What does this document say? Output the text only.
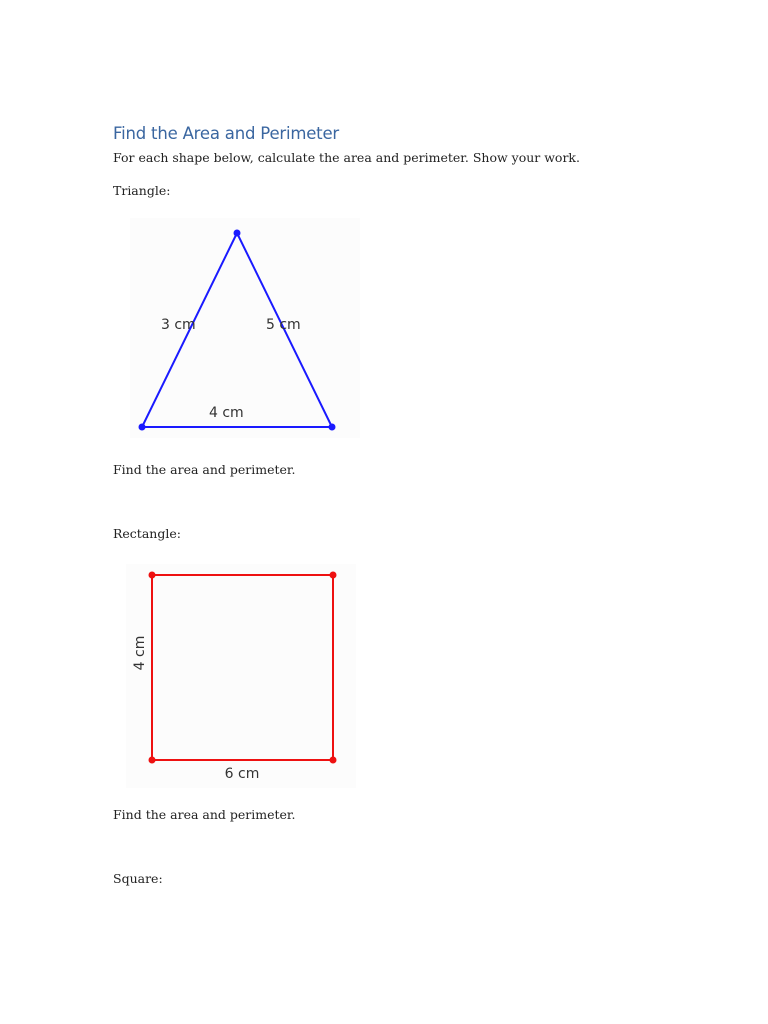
Find the Area and Perimeter
For each shape below, calculate the area and perimeter. Show your work.
Triangle:
3 cm	5 cm
4 cm
Find the area and perimeter.
Rectangle:
4 cm
6 cm
Find the area and perimeter.
Square:
